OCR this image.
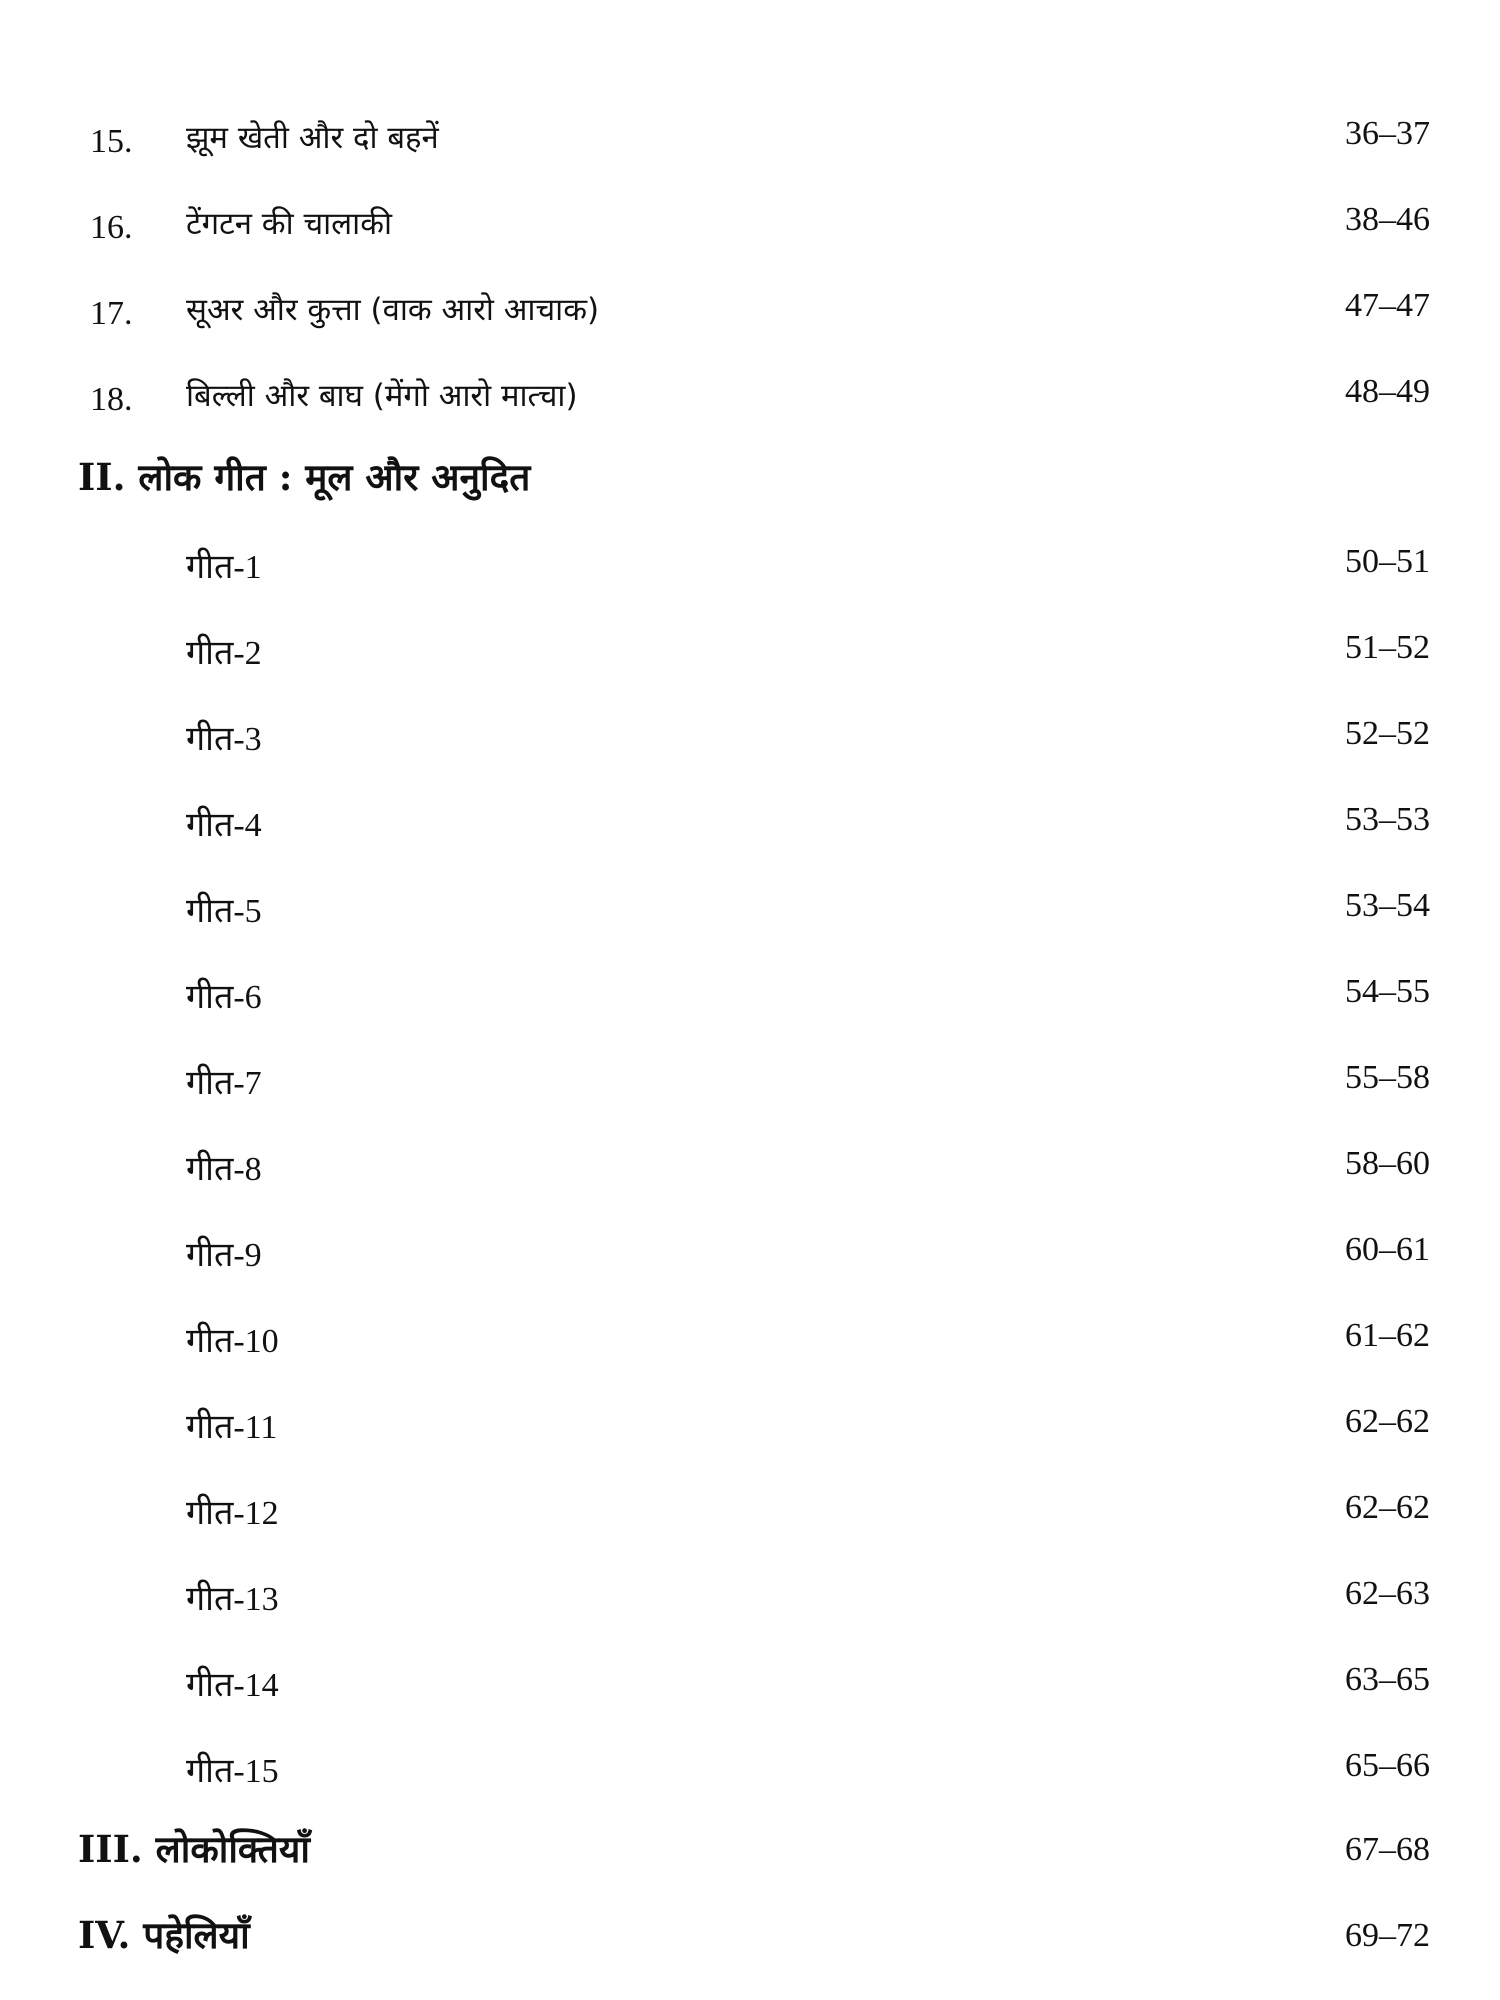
15. झूम खेती और दो बहनें	36–37
16. टेंगटन की चालाकी	38–46
17. सूअर और कुत्ता (वाक आरो आचाक)	47–47
18. बिल्ली और बाघ (मेंगो आरो मात्चा)	48–49
II. लोक गीत : मूल और अनुदित
गीत-1	50–51
गीत-2	51–52
गीत-3	52–52
गीत-4	53–53
गीत-5	53–54
गीत-6	54–55
गीत-7	55–58
गीत-8	58–60
गीत-9	60–61
गीत-10	61–62
गीत-11	62–62
गीत-12	62–62
गीत-13	62–63
गीत-14	63–65
गीत-15	65–66
III. लोकोक्तियाँ	67–68
IV. पहेलियाँ	69–72
